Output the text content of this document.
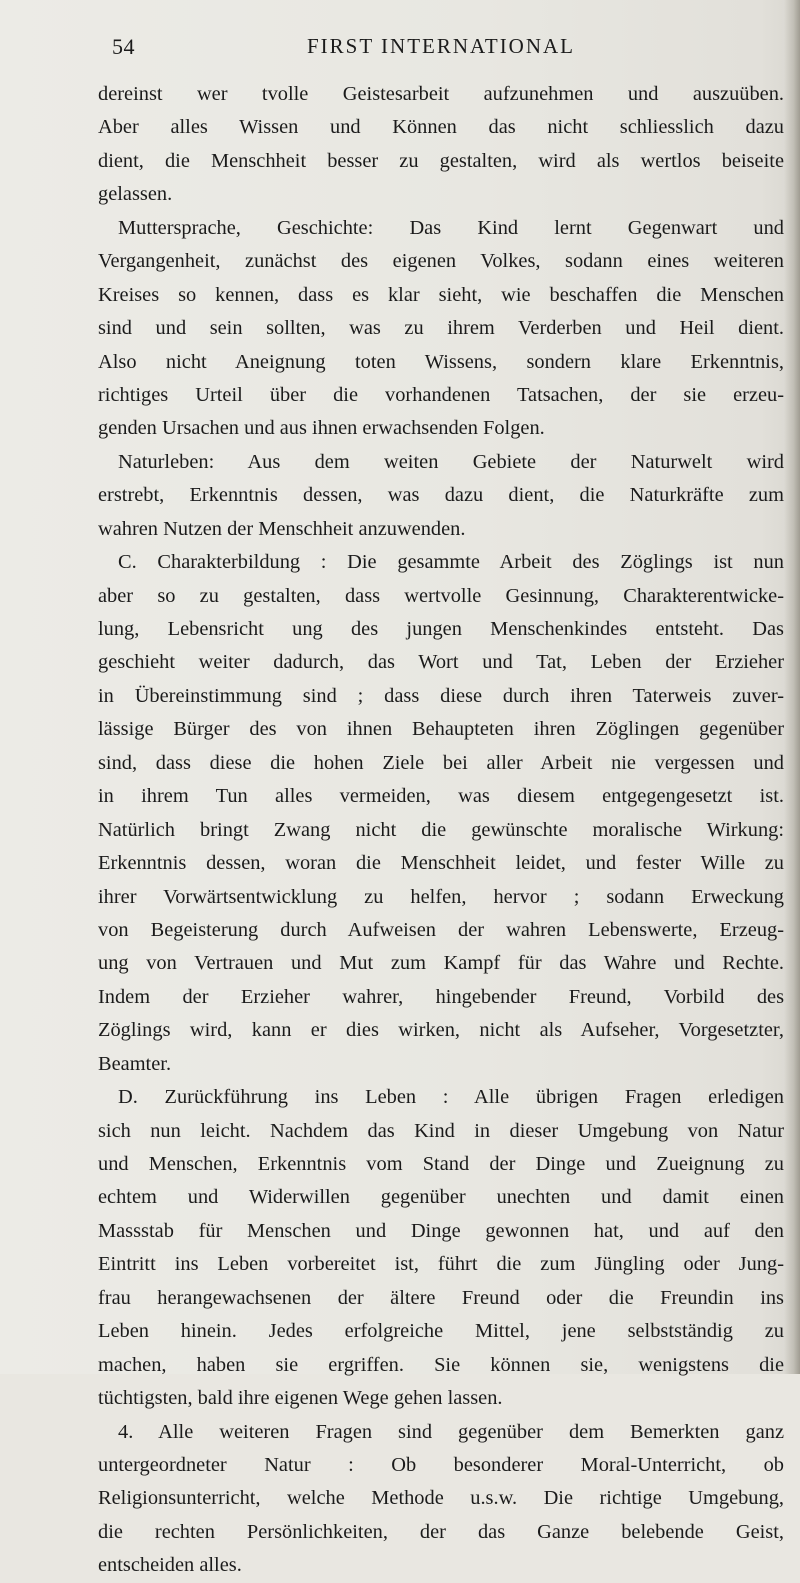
54	FIRST INTERNATIONAL
dereinst wer tvolle Geistesarbeit aufzunehmen und auszuüben.
Aber alles Wissen und Können das nicht schliesslich dazu
dient, die Menschheit besser zu gestalten, wird als wertlos beiseite
gelassen.
Muttersprache, Geschichte: Das Kind lernt Gegenwart und
Vergangenheit, zunächst des eigenen Volkes, sodann eines weiteren
Kreises so kennen, dass es klar sieht, wie beschaffen die Menschen
sind und sein sollten, was zu ihrem Verderben und Heil dient.
Also nicht Aneignung toten Wissens, sondern klare Erkenntnis,
richtiges Urteil über die vorhandenen Tatsachen, der sie erzeu-
genden Ursachen und aus ihnen erwachsenden Folgen.
Naturleben: Aus dem weiten Gebiete der Naturwelt wird
erstrebt, Erkenntnis dessen, was dazu dient, die Naturkräfte zum
wahren Nutzen der Menschheit anzuwenden.
C. Charakterbildung : Die gesammte Arbeit des Zöglings ist nun
aber so zu gestalten, dass wertvolle Gesinnung, Charakterentwicke-
lung, Lebensricht ung des jungen Menschenkindes entsteht. Das
geschieht weiter dadurch, das Wort und Tat, Leben der Erzieher
in Übereinstimmung sind ; dass diese durch ihren Taterweis zuver-
lässige Bürger des von ihnen Behaupteten ihren Zöglingen gegenüber
sind, dass diese die hohen Ziele bei aller Arbeit nie vergessen und
in ihrem Tun alles vermeiden, was diesem entgegengesetzt ist.
Natürlich bringt Zwang nicht die gewünschte moralische Wirkung:
Erkenntnis dessen, woran die Menschheit leidet, und fester Wille zu
ihrer Vorwärtsentwicklung zu helfen, hervor ; sodann Erweckung
von Begeisterung durch Aufweisen der wahren Lebenswerte, Erzeug-
ung von Vertrauen und Mut zum Kampf für das Wahre und Rechte.
Indem der Erzieher wahrer, hingebender Freund, Vorbild des
Zöglings wird, kann er dies wirken, nicht als Aufseher, Vorgesetzter,
Beamter.
D. Zurückführung ins Leben : Alle übrigen Fragen erledigen
sich nun leicht. Nachdem das Kind in dieser Umgebung von Natur
und Menschen, Erkenntnis vom Stand der Dinge und Zueignung zu
echtem und Widerwillen gegenüber unechten und damit einen
Massstab für Menschen und Dinge gewonnen hat, und auf den
Eintritt ins Leben vorbereitet ist, führt die zum Jüngling oder Jung-
frau herangewachsenen der ältere Freund oder die Freundin ins
Leben hinein. Jedes erfolgreiche Mittel, jene selbstständig zu
machen, haben sie ergriffen. Sie können sie, wenigstens die
tüchtigsten, bald ihre eigenen Wege gehen lassen.
4. Alle weiteren Fragen sind gegenüber dem Bemerkten ganz
untergeordneter Natur : Ob besonderer Moral-Unterricht, ob
Religionsunterricht, welche Methode u.s.w. Die richtige Umgebung,
die rechten Persönlichkeiten, der das Ganze belebende Geist,
entscheiden alles.
